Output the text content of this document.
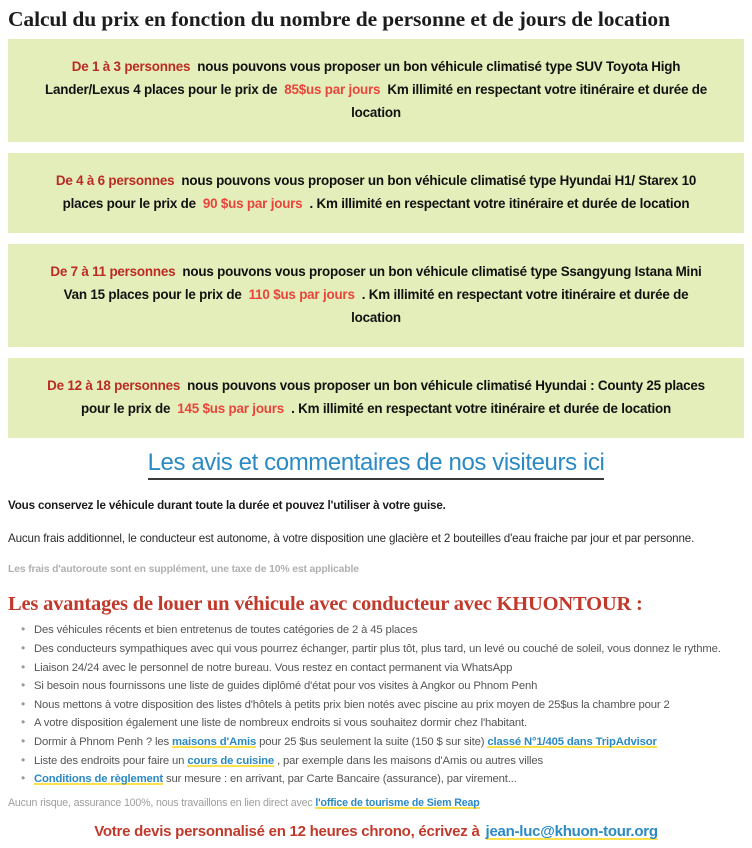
Calcul du prix en fonction du nombre de personne et de jours de location

De 1 à 3 personnes nous pouvons vous proposer un bon véhicule climatisé type SUV Toyota High Lander/Lexus 4 places pour le prix de 85$us par jours Km illimité en respectant votre itinéraire et durée de location

De 4 à 6 personnes nous pouvons vous proposer un bon véhicule climatisé type Hyundai H1/ Starex 10 places pour le prix de 90 $us par jours . Km illimité en respectant votre itinéraire et durée de location

De 7 à 11 personnes nous pouvons vous proposer un bon véhicule climatisé type Ssangyung Istana Mini Van 15 places pour le prix de 110 $us par jours . Km illimité en respectant votre itinéraire et durée de location

De 12 à 18 personnes nous pouvons vous proposer un bon véhicule climatisé Hyundai : County 25 places pour le prix de 145 $us par jours . Km illimité en respectant votre itinéraire et durée de location

Les avis et commentaires de nos visiteurs ici

Vous conservez le véhicule durant toute la durée et pouvez l'utiliser à votre guise.

Aucun frais additionnel, le conducteur est autonome, à votre disposition une glacière et 2 bouteilles d'eau fraiche par jour et par personne.

Les frais d'autoroute sont en supplément, une taxe de 10% est applicable

Les avantages de louer un véhicule avec conducteur avec KHUONTOUR :
• Des véhicules récents et bien entretenus de toutes catégories de 2 à 45 places
• Des conducteurs sympathiques avec qui vous pourrez échanger, partir plus tôt, plus tard, un levé ou couché de soleil, vous donnez le rythme.
• Liaison 24/24 avec le personnel de notre bureau. Vous restez en contact permanent via WhatsApp
• Si besoin nous fournissons une liste de guides diplômé d'état pour vos visites à Angkor ou Phnom Penh
• Nous mettons à votre disposition des listes d'hôtels à petits prix bien notés avec piscine au prix moyen de 25$us la chambre pour 2
• A votre disposition également une liste de nombreux endroits si vous souhaitez dormir chez l'habitant.
• Dormir à Phnom Penh ? les maisons d'Amis pour 25 $us seulement la suite (150 $ sur site) classé N°1/405 dans TripAdvisor
• Liste des endroits pour faire un cours de cuisine , par exemple dans les maisons d'Amis ou autres villes
• Conditions de règlement sur mesure : en arrivant, par Carte Bancaire (assurance), par virement...
Aucun risque, assurance 100%, nous travaillons en lien direct avec l'office de tourisme de Siem Reap
Votre devis personnalisé en 12 heures chrono, écrivez à jean-luc@khuon-tour.org
